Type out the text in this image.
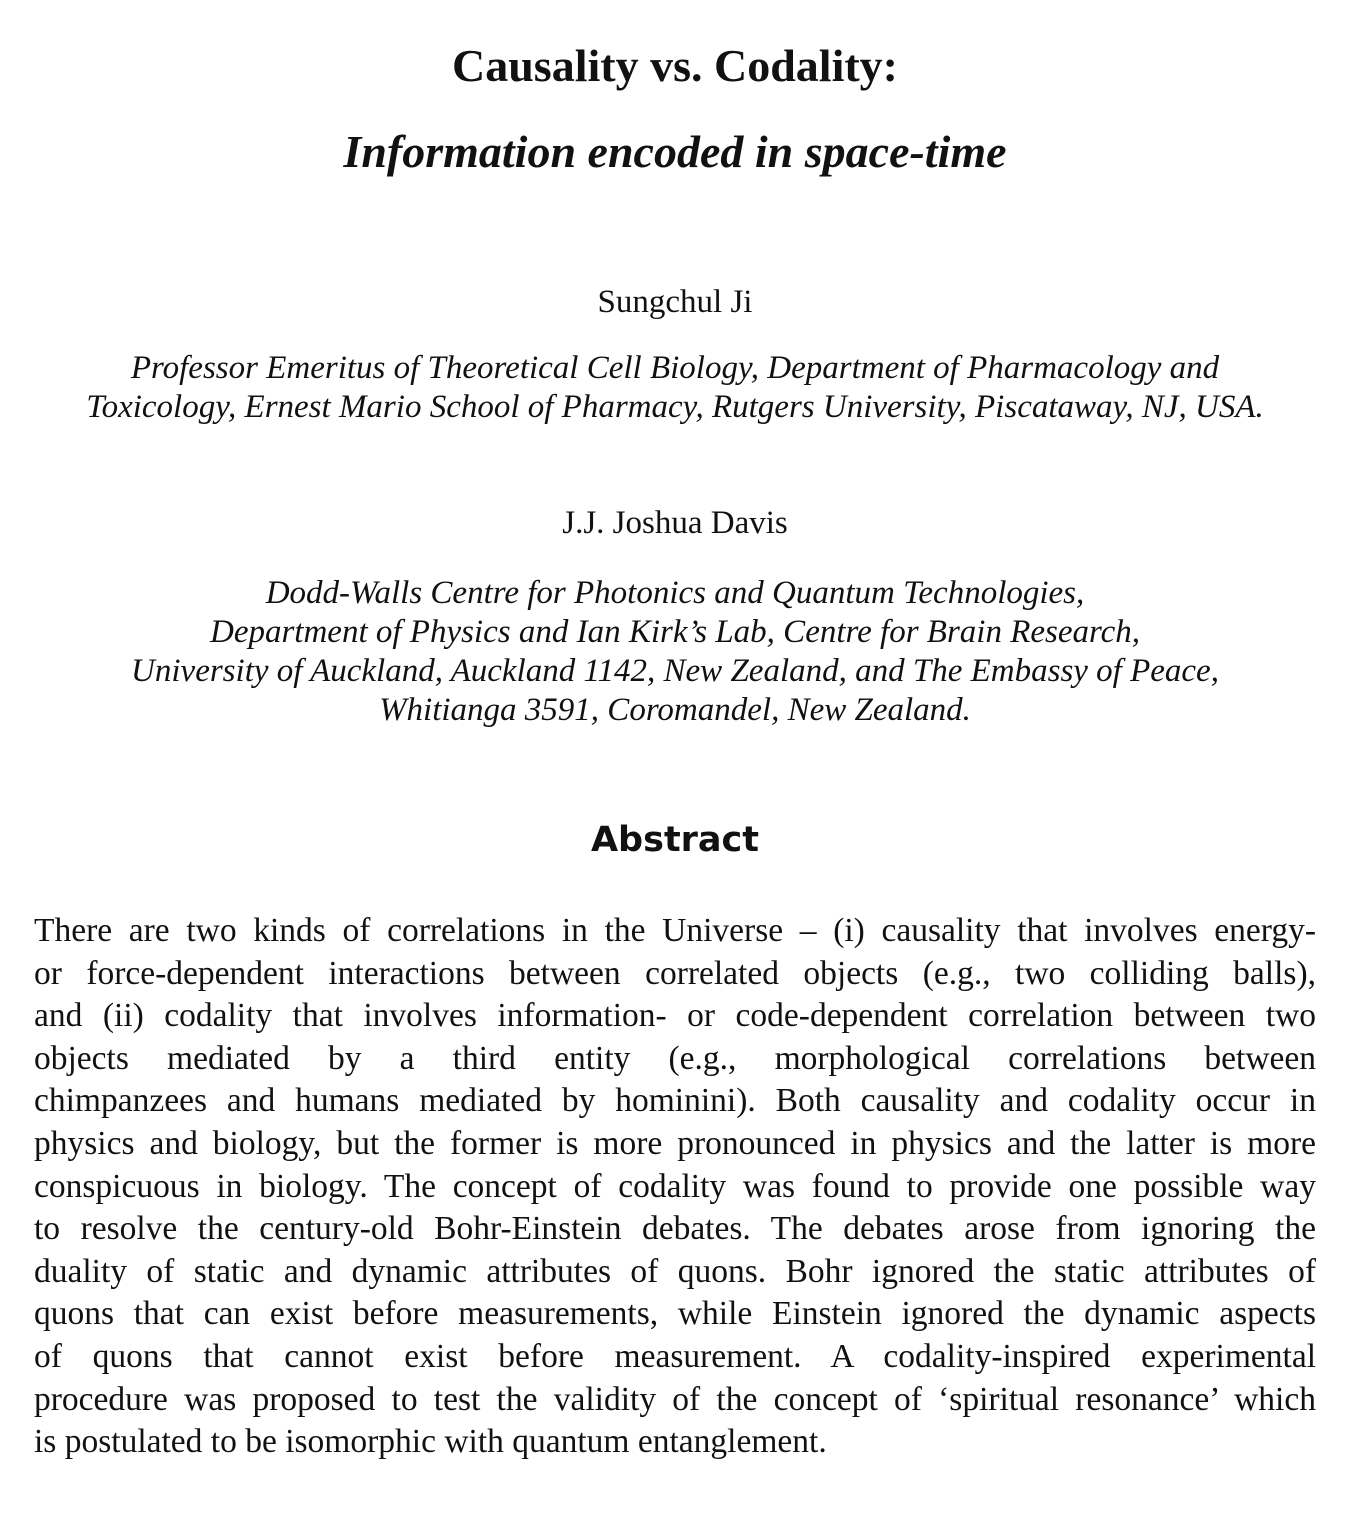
Causality vs. Codality:
Information encoded in space-time

Sungchul Ji

Professor Emeritus of Theoretical Cell Biology, Department of Pharmacology and
Toxicology, Ernest Mario School of Pharmacy, Rutgers University, Piscataway, NJ, USA.

J.J. Joshua Davis

Dodd-Walls Centre for Photonics and Quantum Technologies,
Department of Physics and Ian Kirk’s Lab, Centre for Brain Research,
University of Auckland, Auckland 1142, New Zealand, and The Embassy of Peace,
Whitianga 3591, Coromandel, New Zealand.

Abstract
There are two kinds of correlations in the Universe – (i) causality that involves energy-
or force-dependent interactions between correlated objects (e.g., two colliding balls),
and (ii) codality that involves information- or code-dependent correlation between two
objects mediated by a third entity (e.g., morphological correlations between
chimpanzees and humans mediated by hominini). Both causality and codality occur in
physics and biology, but the former is more pronounced in physics and the latter is more
conspicuous in biology. The concept of codality was found to provide one possible way
to resolve the century-old Bohr-Einstein debates. The debates arose from ignoring the
duality of static and dynamic attributes of quons. Bohr ignored the static attributes of
quons that can exist before measurements, while Einstein ignored the dynamic aspects
of quons that cannot exist before measurement. A codality-inspired experimental
procedure was proposed to test the validity of the concept of ‘spiritual resonance’ which
is postulated to be isomorphic with quantum entanglement.
